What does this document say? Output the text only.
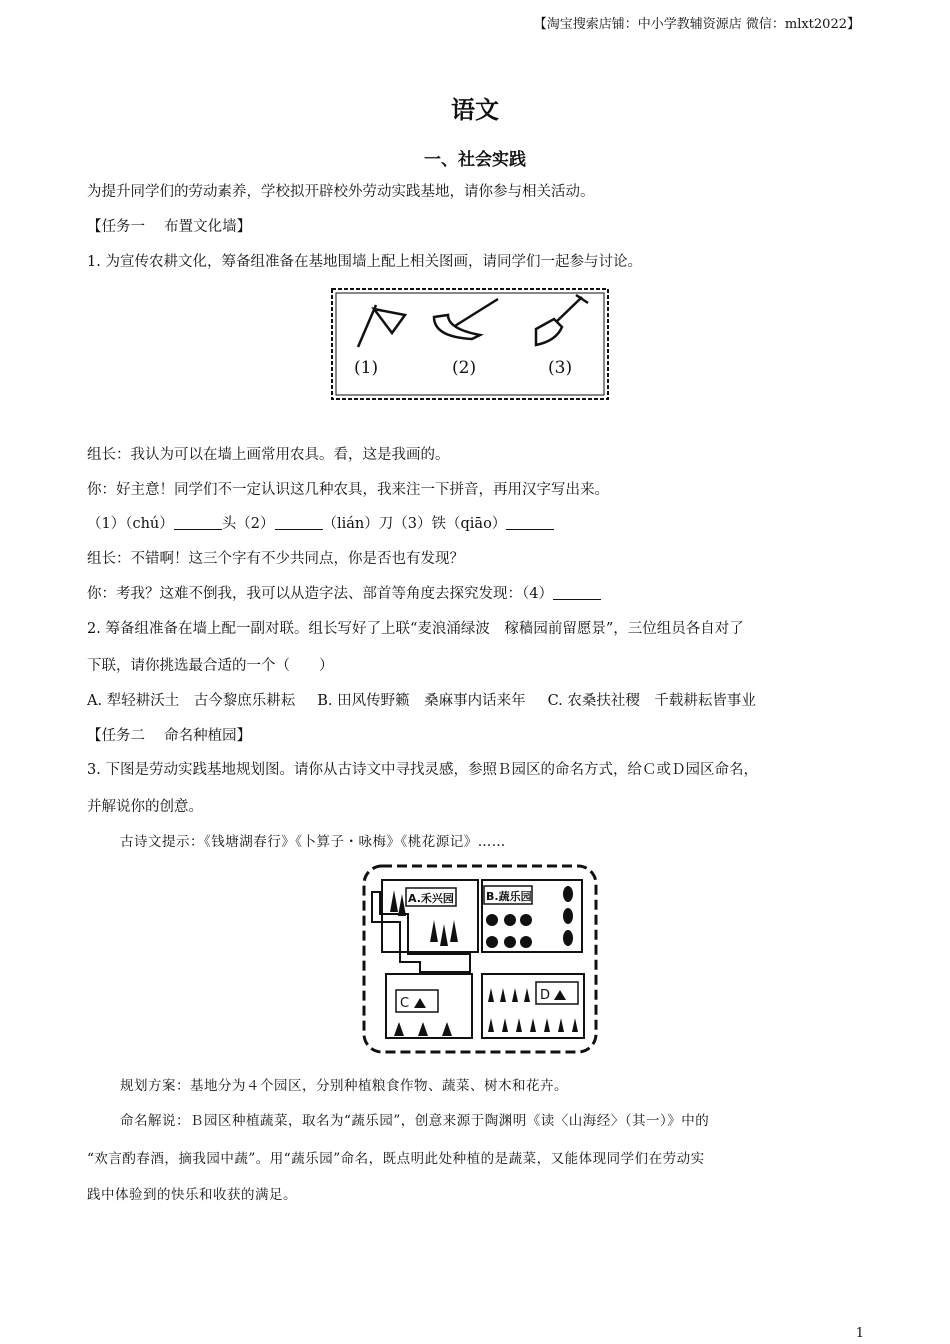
【淘宝搜索店铺：中小学教辅资源店 微信：mlxt2022】
语文
一、社会实践
为提升同学们的劳动素养，学校拟开辟校外劳动实践基地，请你参与相关活动。
【任务一　 布置文化墙】
1. 为宣传农耕文化，筹备组准备在基地围墙上配上相关图画，请同学们一起参与讨论。
(1)	(2)	(3)
组长：我认为可以在墙上画常用农具。看，这是我画的。
你：好主意！同学们不一定认识这几种农具，我来注一下拼音，再用汉字写出来。
（1）（chú）	头（2）	（lián）刀（3）铁（qiāo）
组长：不错啊！这三个字有不少共同点，你是否也有发现？
你：考我？这难不倒我，我可以从造字法、部首等角度去探究发现：（4）
2. 筹备组准备在墙上配一副对联。组长写好了上联“麦浪涌绿波　稼穑园前留愿景”，三位组员各自对了
下联，请你挑选最合适的一个（　　）
A. 犁轻耕沃土　古今黎庶乐耕耘 B. 田风传野籁　桑麻事内话来年 C. 农桑扶社稷　千载耕耘皆事业
【任务二　 命名种植园】
3. 下图是劳动实践基地规划图。请你从古诗文中寻找灵感，参照Ｂ园区的命名方式，给Ｃ或Ｄ园区命名，
并解说你的创意。
古诗文提示：《钱塘湖春行》《卜算子・咏梅》《桃花源记》……
A.禾兴园	B.蔬乐园
C
D
规划方案：基地分为４个园区，分别种植粮食作物、蔬菜、树木和花卉。
命名解说：Ｂ园区种植蔬菜，取名为“蔬乐园”，创意来源于陶渊明《读〈山海经〉（其一）》中的
“欢言酌春酒，摘我园中蔬”。用“蔬乐园”命名，既点明此处种植的是蔬菜，又能体现同学们在劳动实
践中体验到的快乐和收获的满足。
1
